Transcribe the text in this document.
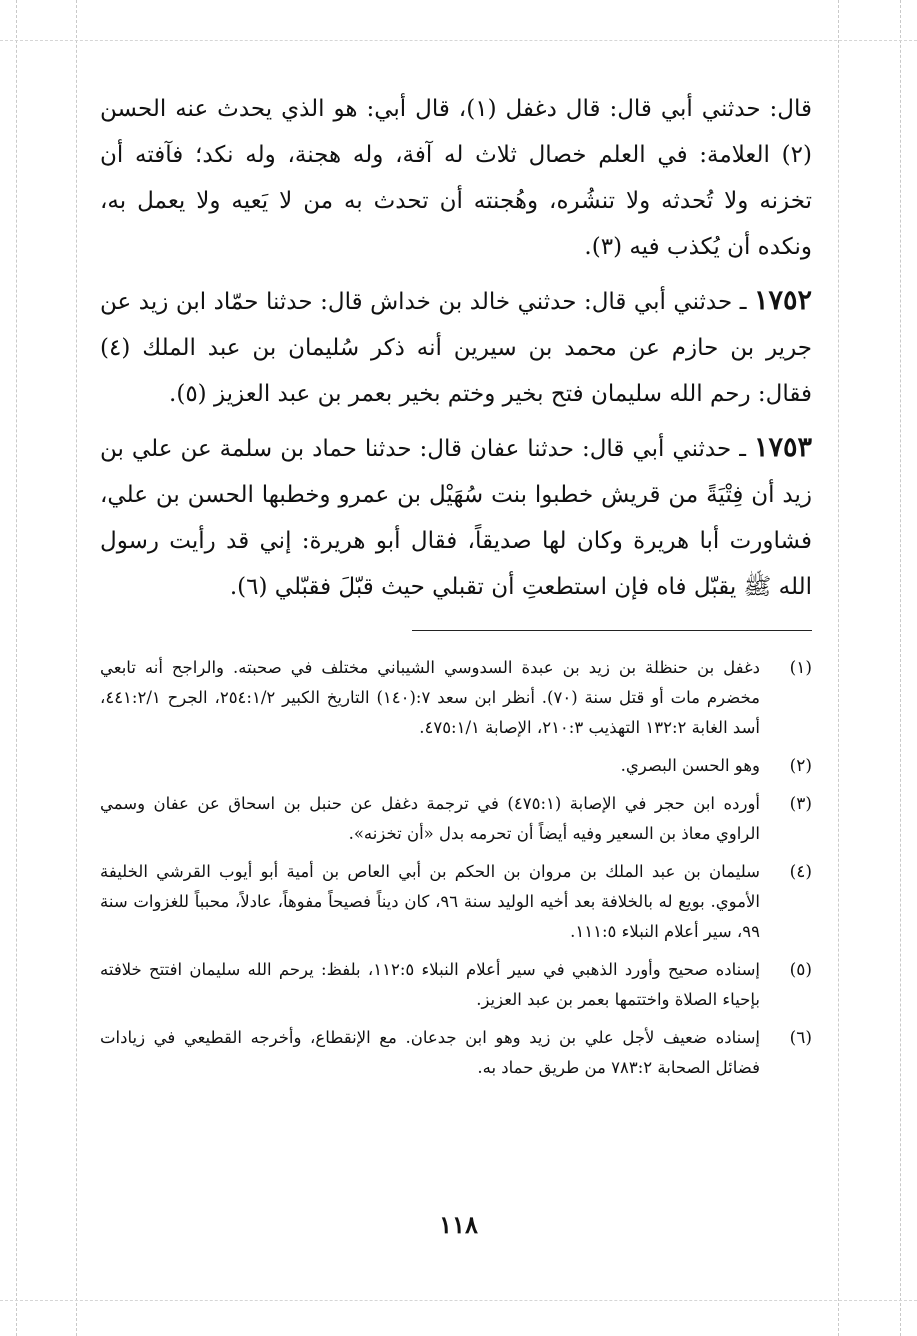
قال: حدثني أبي قال: قال دغفل (١)، قال أبي: هو الذي يحدث عنه الحسن (٢) العلامة: في العلم خصال ثلاث له آفة، وله هجنة، وله نكد؛ فآفته أن تخزنه ولا تُحدثه ولا تنشُره، وهُجنته أن تحدث به من لا يَعيه ولا يعمل به، ونكده أن يُكذب فيه (٣).

١٧٥٢ ـ حدثني أبي قال: حدثني خالد بن خداش قال: حدثنا حمّاد ابن زيد عن جرير بن حازم عن محمد بن سيرين أنه ذكر سُليمان بن عبد الملك (٤) فقال: رحم الله سليمان فتح بخير وختم بخير بعمر بن عبد العزيز (٥).

١٧٥٣ ـ حدثني أبي قال: حدثنا عفان قال: حدثنا حماد بن سلمة عن علي بن زيد أن فِتْيَةً من قريش خطبوا بنت سُهَيْل بن عمرو وخطبها الحسن بن علي، فشاورت أبا هريرة وكان لها صديقاً، فقال أبو هريرة: إني قد رأيت رسول الله ﷺ يقبّل فاه فإن استطعتِ أن تقبلي حيث قبّلَ فقبّلي (٦).

(١)
دغفل بن حنظلة بن زيد بن عبدة السدوسي الشيباني مختلف في صحبته. والراجح أنه تابعي مخضرم مات أو قتل سنة (٧٠). أنظر ابن سعد ٧:(١٤٠) التاريخ الكبير ٢٥٤:١/٢، الجرح ٤٤١:٢/١، أسد الغابة ١٣٢:٢ التهذيب ٢١٠:٣، الإصابة ٤٧٥:١/١.
(٢)
وهو الحسن البصري.
(٣)
أورده ابن حجر في الإصابة (٤٧٥:١) في ترجمة دغفل عن حنبل بن اسحاق عن عفان وسمي الراوي معاذ بن السعير وفيه أيضاً أن تحرمه بدل «أن تخزنه».
(٤)
سليمان بن عبد الملك بن مروان بن الحكم بن أبي العاص بن أمية أبو أيوب القرشي الخليفة الأموي. بويع له بالخلافة بعد أخيه الوليد سنة ٩٦، كان ديناً فصيحاً مفوهاً، عادلاً، محبباً للغزوات سنة ٩٩، سير أعلام النبلاء ١١١:٥.
(٥)
إسناده صحيح وأورد الذهبي في سير أعلام النبلاء ١١٢:٥، بلفظ: يرحم الله سليمان افتتح خلافته بإحياء الصلاة واختتمها بعمر بن عبد العزيز.
(٦)
إسناده ضعيف لأجل علي بن زيد وهو ابن جدعان. مع الإنقطاع، وأخرجه القطيعي في زيادات فضائل الصحابة ٧٨٣:٢ من طريق حماد به.
١١٨
